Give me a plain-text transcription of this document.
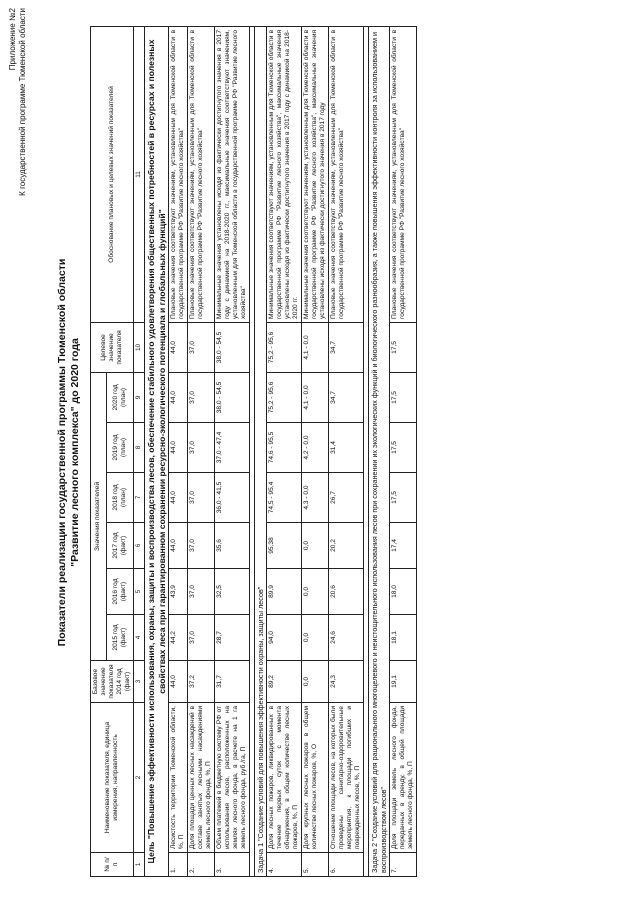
Приложение №2 К государственной программе Тюменской области
Показатели реализации государственной программы Тюменской области "Развитие лесного комплекса" до 2020 года
№ п/п	Наименование показателя, единица измерения, направленность	Базовое значение показателя 2014 год (факт)	Значения показателей						Целевое значение показателя	Обоснование плановых и целевых значений показателей
			2015 год (факт)	2016 год (факт)	2017 год (факт)	2018 год (план)	2019 год (план)	2020 год (план)		
1	2	3	4	5	6	7	8	9	10	11
Цель "Повышение эффективности использования, охраны, защиты и воспроизводства лесов, обеспечение стабильного удовлетворения общественных потребностей в ресурсах и полезных свойствах леса при гарантированном сохранении ресурсно-экологического потенциала и глобальных функций"										
1.	Лесистость территории Тюменской области, %, П	44,0	44,2	43,9	44,0	44,0	44,0	44,0	44,0	Плановые значения соответствуют значениям, установленным для Тюменской области в государственной программе РФ "Развитие лесного хозяйства"
2.	Доля площади ценных лесных насаждений в составе занятых лесными насаждениями земель лесного фонда, %, П	37,2	37,0	37,0	37,0	37,0	37,0	37,0	37,0	Плановые значения соответствуют значениям, установленным для Тюменской области в государственной программе РФ "Развитие лесного хозяйства"
3.	Объем платежей в бюджетную систему РФ от использования лесов, расположенных на землях лесного фонда, в расчете на 1 га земель лесного фонда, руб./га, П	31,7	28,7	32,5	35,6	36,0 - 41,5	37,0 - 47,4	38,0 - 54,5	38,0 - 54,5	Минимальные значения установлены исходя из фактически достигнутого значения в 2017 году с динамикой на 2018-2020 гг., максимальные значения соответствуют значениям, установленным для Тюменской области в государственной программе РФ "Развитие лесного хозяйства"

Задача 1 "Создание условий для повышения эффективности охраны, защиты лесов"										
4.	Доля лесных пожаров, ликвидированных в течение первых суток с момента обнаружения, в общем количестве лесных пожаров, %, П	89,2	94,0	89,9	95,38	74,5 - 95,4	74,6 - 95,5	75,2 - 95,6	75,2 - 95,6	Минимальные значения соответствуют значениям, установленным для Тюменской области в государственной программе РФ "Развитие лесного хозяйства", максимальные значения установлены исходя из фактически достигнутого значения в 2017 году с динамикой на 2018-2020 гг.
5.	Доля крупных лесных пожаров в общем количестве лесных пожаров, %, О	0,0	0,0	0,0	0,0	4,3 - 0,0	4,2 - 0,0	4,1 - 0,0	4,1 - 0,0	Минимальные значения соответствуют значениям, установленным для Тюменской области в государственной программе РФ "Развитие лесного хозяйства", максимальные значения установлены исходя из фактически достигнутого значения в 2017 году
6.	Отношение площади лесов, на которых были проведены санитарно-оздоровительные мероприятия, к площади погибших и поврежденных лесов, %, П	24,3	24,6	20,6	20,2	26,7	31,4	34,7	34,7	Плановые значения соответствуют значениям, установленным для Тюменской области в государственной программе РФ "Развитие лесного хозяйства"

Задача 2 "Создание условий для рационального многоцелевого и неистощительного использования лесов при сохранении их экологических функций и биологического разнообразия, а также повышения эффективности контроля за использованием и воспроизводством лесов"										
7.	Доля площади земель лесного фонда, переданных в аренду, в общей площади земель лесного фонда, %, П	19,1	18,1	18,0	17,4	17,5	17,5	17,5	17,5	Плановые значения соответствуют значениям, установленным для Тюменской области в государственной программе РФ "Развитие лесного хозяйства"
